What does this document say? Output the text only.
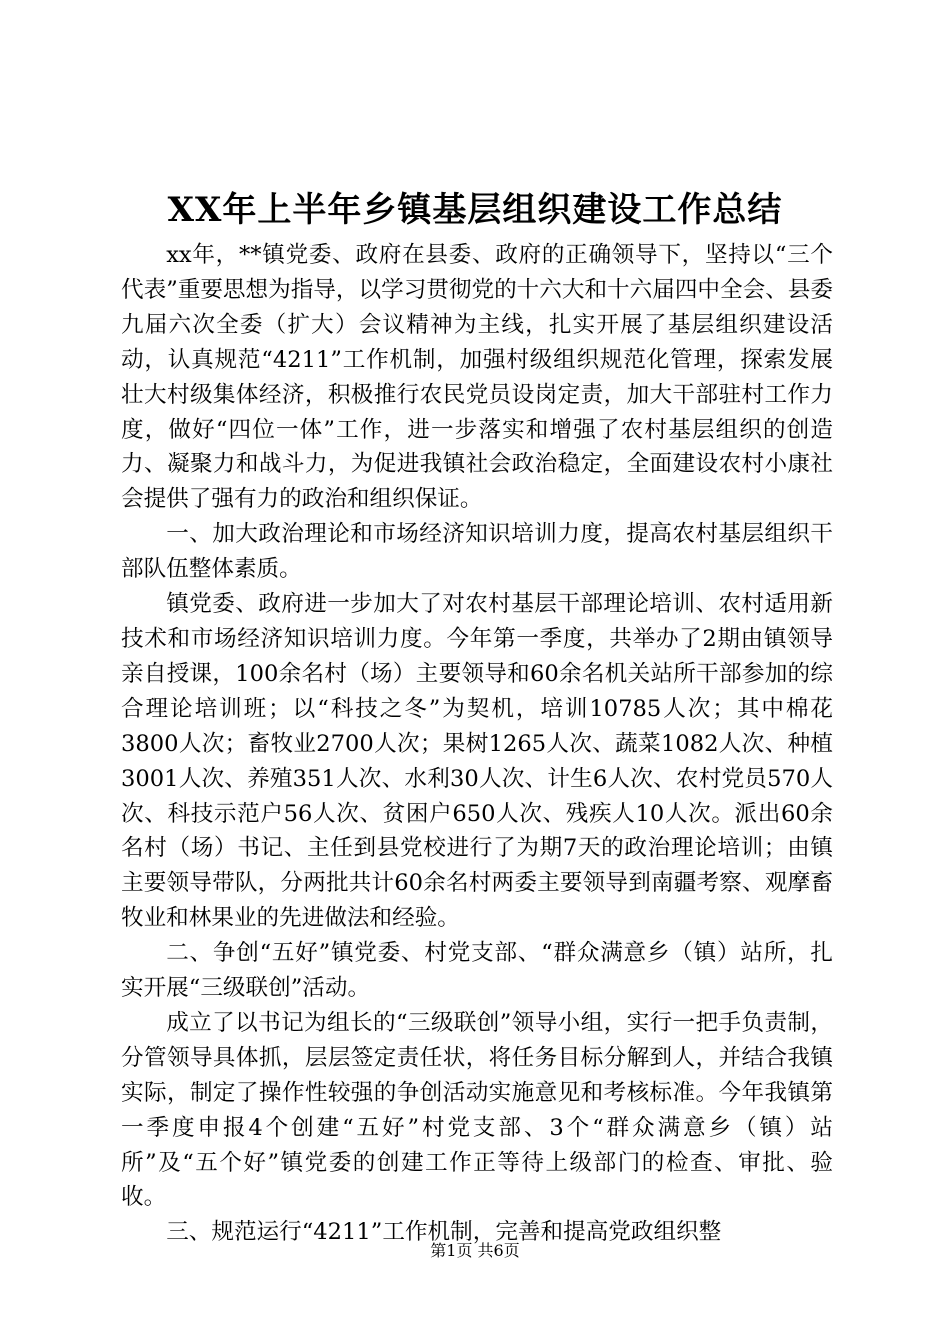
XX年上半年乡镇基层组织建设工作总结

xx年，**镇党委、政府在县委、政府的正确领导下，坚持以“三个代表”重要思想为指导，以学习贯彻党的十六大和十六届四中全会、县委九届六次全委（扩大）会议精神为主线，扎实开展了基层组织建设活动，认真规范“4211”工作机制，加强村级组织规范化管理，探索发展壮大村级集体经济，积极推行农民党员设岗定责，加大干部驻村工作力度，做好“四位一体”工作，进一步落实和增强了农村基层组织的创造力、凝聚力和战斗力，为促进我镇社会政治稳定，全面建设农村小康社会提供了强有力的政治和组织保证。

一、加大政治理论和市场经济知识培训力度，提高农村基层组织干部队伍整体素质。

镇党委、政府进一步加大了对农村基层干部理论培训、农村适用新技术和市场经济知识培训力度。今年第一季度，共举办了2期由镇领导亲自授课，100余名村（场）主要领导和60余名机关站所干部参加的综合理论培训班；以“科技之冬”为契机，培训10785人次；其中棉花3800人次；畜牧业2700人次；果树1265人次、蔬菜1082人次、种植3001人次、养殖351人次、水利30人次、计生6人次、农村党员570人次、科技示范户56人次、贫困户650人次、残疾人10人次。派出60余名村（场）书记、主任到县党校进行了为期7天的政治理论培训；由镇主要领导带队，分两批共计60余名村两委主要领导到南疆考察、观摩畜牧业和林果业的先进做法和经验。

二、争创“五好”镇党委、村党支部、“群众满意乡（镇）站所，扎实开展“三级联创”活动。

成立了以书记为组长的“三级联创”领导小组，实行一把手负责制，分管领导具体抓，层层签定责任状，将任务目标分解到人，并结合我镇实际，制定了操作性较强的争创活动实施意见和考核标准。今年我镇第一季度申报4个创建“五好”村党支部、3个“群众满意乡（镇）站所”及“五个好”镇党委的创建工作正等待上级部门的检查、审批、验收。

三、规范运行“4211”工作机制，完善和提高党政组织整

第1页 共6页
